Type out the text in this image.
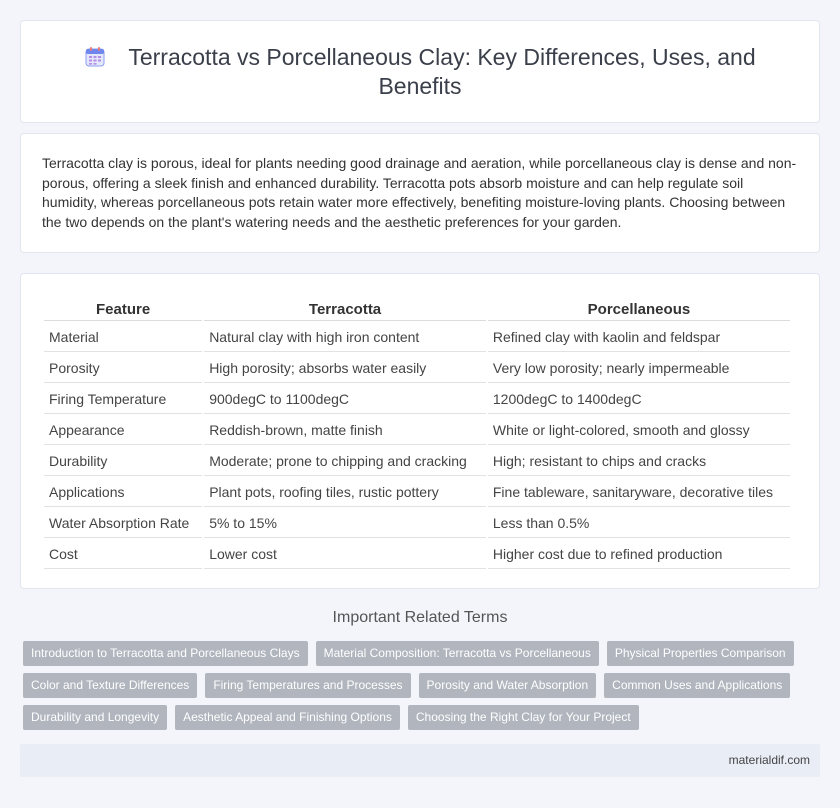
Terracotta vs Porcellaneous Clay: Key Differences, Uses, and Benefits

Terracotta clay is porous, ideal for plants needing good drainage and aeration, while porcellaneous clay is dense and non-porous, offering a sleek finish and enhanced durability. Terracotta pots absorb moisture and can help regulate soil humidity, whereas porcellaneous pots retain water more effectively, benefiting moisture-loving plants. Choosing between the two depends on the plant's watering needs and the aesthetic preferences for your garden.

Feature	Terracotta	Porcellaneous
Material	Natural clay with high iron content	Refined clay with kaolin and feldspar
Porosity	High porosity; absorbs water easily	Very low porosity; nearly impermeable
Firing Temperature	900degC to 1100degC	1200degC to 1400degC
Appearance	Reddish-brown, matte finish	White or light-colored, smooth and glossy
Durability	Moderate; prone to chipping and cracking	High; resistant to chips and cracks
Applications	Plant pots, roofing tiles, rustic pottery	Fine tableware, sanitaryware, decorative tiles
Water Absorption Rate	5% to 15%	Less than 0.5%
Cost	Lower cost	Higher cost due to refined production
Important Related Terms
Introduction to Terracotta and Porcellaneous Clays	Material Composition: Terracotta vs Porcellaneous	Physical Properties Comparison
Color and Texture Differences	Firing Temperatures and Processes	Porosity and Water Absorption	Common Uses and Applications
Durability and Longevity	Aesthetic Appeal and Finishing Options	Choosing the Right Clay for Your Project
materialdif.com
